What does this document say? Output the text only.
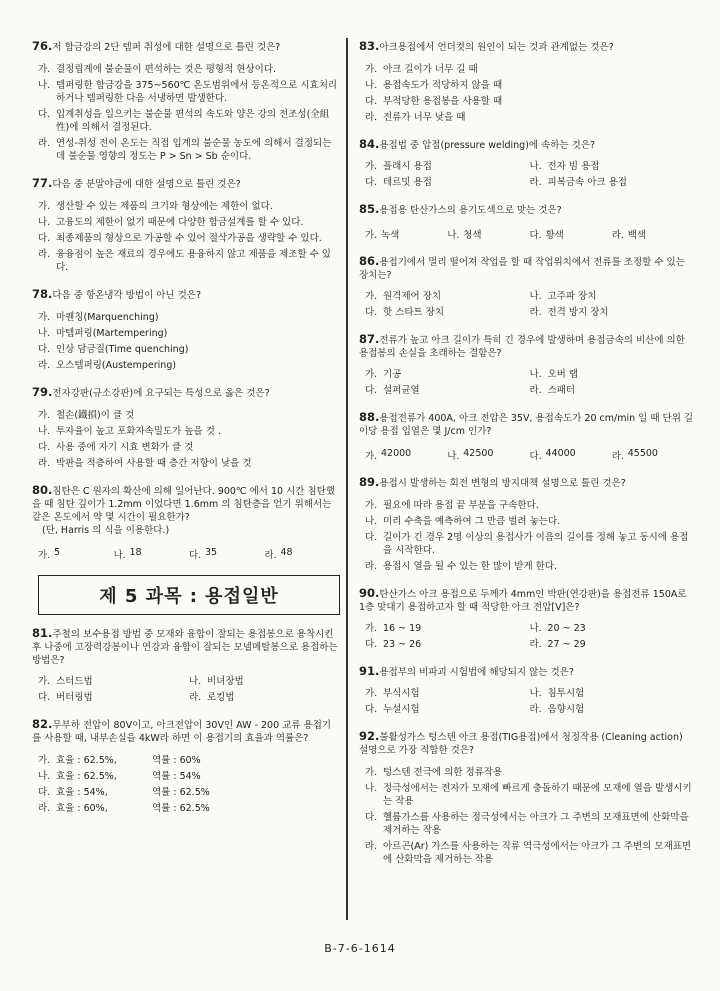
76.저 합금강의 2단 템퍼 취성에 대한 설명으로 틀린 것은?
가. 결정립계에 불순물이 편석하는 것은 평형적 현상이다.
나. 템퍼링한 합금강을 375~560℃ 온도범위에서 등온적으로 시효처리하거나 템퍼링한 다음 서냉하면 발생한다.
다. 입계취성을 일으키는 불순물 편석의 속도와 양은 강의 전조성(全組性)에 의해서 결정된다.
라. 연성-취성 전이 온도는 직접 입계의 불순물 농도에 의해서 결정되는데 불순물 영향의 정도는 P > Sn > Sb 순이다.
77.다음 중 분말야금에 대한 설명으로 틀린 것은?
가. 생산할 수 있는 제품의 크기와 형상에는 제한이 없다.
나. 고융도의 제한이 없기 때문에 다양한 합금설계를 할 수 있다.
다. 최종제품의 형상으로 가공할 수 있어 절삭가공을 생략할 수 있다.
라. 융융점이 높은 재료의 경우에도 용융하지 않고 제품을 제조할 수 있다.
78.다음 중 항온냉각 방법이 아닌 것은?
가. 마퀜칭(Marquenching)
나. 마템퍼링(Martempering)
다. 인상 담금질(Time quenching)
라. 오스템퍼링(Austempering)
79.전자강판(규소강판)에 요구되는 특성으로 옳은 것은?
가. 철손(鐵損)이 클 것
나. 투자율이 높고 포화자속밀도가 높을 것 .
다. 사용 중에 자기 시효 변화가 클 것
라. 박판을 적층하여 사용할 때 층간 저항이 낮을 것
80.침탄은 C 원자의 확산에 의해 일어난다. 900℃ 에서 10 시간 침탄했을 때 침탄 깊이가 1.2mm 이었다면 1.6mm 의 침탄층을 얻기 위해서는 같은 온도에서 약 몇 시간이 필요한가?
(단, Harris 의 식을 이용한다.)
가. 5	나. 18	다. 35	라. 48
제 5 과목 : 용접일반
81.주철의 보수용접 방법 중 모재와 융합이 잘되는 용접봉으로 용착시킨 후 나중에 고장력강봉이나 연강과 융합이 잘되는 모넬메탈봉으로 용접하는 방법은?
가. 스터드법	나. 비녀장법
다. 버터링법	라. 로킹법
82.무부하 전압이 80V이고, 아크전압이 30V인 AW - 200 교류 용접기를 사용할 때, 내부손실을 4kW라 하면 이 용접기의 효율과 역률은?
가. 효율 : 62.5%,	역률 : 60%
나. 효율 : 62.5%,	역률 : 54%
다. 효율 : 54%,	역률 : 62.5%
라. 효율 : 60%,	역률 : 62.5%
83.아크용접에서 언더컷의 원인이 되는 것과 관계없는 것은?
가. 아크 길이가 너무 길 때
나. 용접속도가 적당하지 않을 때
다. 부적당한 용접봉을 사용할 때
라. 전류가 너무 낮을 때
84.용접법 중 압접(pressure welding)에 속하는 것은?
가. 플래시 용접	나. 전자 빔 용접
다. 테르밋 용접	라. 피복금속 아크 용접
85.용접용 탄산가스의 용기도색으로 맞는 것은?
가. 녹색	나. 청색	다. 황색	라. 백색
86.용접기에서 멀리 떨어져 작업을 할 때 작업위치에서 전류를 조정할 수 있는 장치는?
가. 원격제어 장치	나. 고주파 장치
다. 핫 스타트 장치	라. 전격 방지 장치
87.전류가 높고 아크 길이가 특히 긴 경우에 발생하며 용접금속의 비산에 의한 용접봉의 손실을 초래하는 결함은?
가. 기공	나. 오버 랩
다. 설퍼균열	라. 스패터
88.용접전류가 400A, 아크 전압은 35V, 용접속도가 20 cm/min 일 때 단위 길이당 용접 입열은 몇 J/cm 인가?
가. 42000	나. 42500	다. 44000	라. 45500
89.용접시 발생하는 회전 변형의 방지대책 설명으로 틀린 것은?
가. 필요에 따라 용접 끝 부분을 구속한다.
나. 미리 수축을 예측하여 그 만큼 벌려 놓는다.
다. 길이가 긴 경우 2명 이상의 용접사가 이음의 길이를 정해 놓고 동시에 용접을 시작한다.
라. 용접시 열을 될 수 있는 한 많이 받게 한다.
90.탄산가스 아크 용접으로 두께가 4mm인 박판(연강판)을 용접전류 150A로 1층 맞대기 용접하고자 할 때 적당한 아크 전압[V]은?
가. 16 ~ 19	나. 20 ~ 23
다. 23 ~ 26	라. 27 ~ 29
91.용접부의 비파괴 시험법에 해당되지 않는 것은?
가. 부식시험	나. 침투시험
다. 누설시험	라. 음향시험
92.불활성가스 텅스텐 아크 용접(TIG용접)에서 청정작용 (Cleaning action) 설명으로 가장 적합한 것은?
가. 텅스텐 전극에 의한 정류작용
나. 정극성에서는 전자가 모재에 빠르게 충돌하기 때문에 모재에 열을 발생시키는 작용
다. 헬륨가스를 사용하는 정극성에서는 아크가 그 주변의 모재표면에 산화막을 제거하는 작용
라. 아르곤(Ar) 가스를 사용하는 직류 역극성에서는 아크가 그 주변의 모재표면에 산화막을 제거하는 작용
B-7-6-1614
